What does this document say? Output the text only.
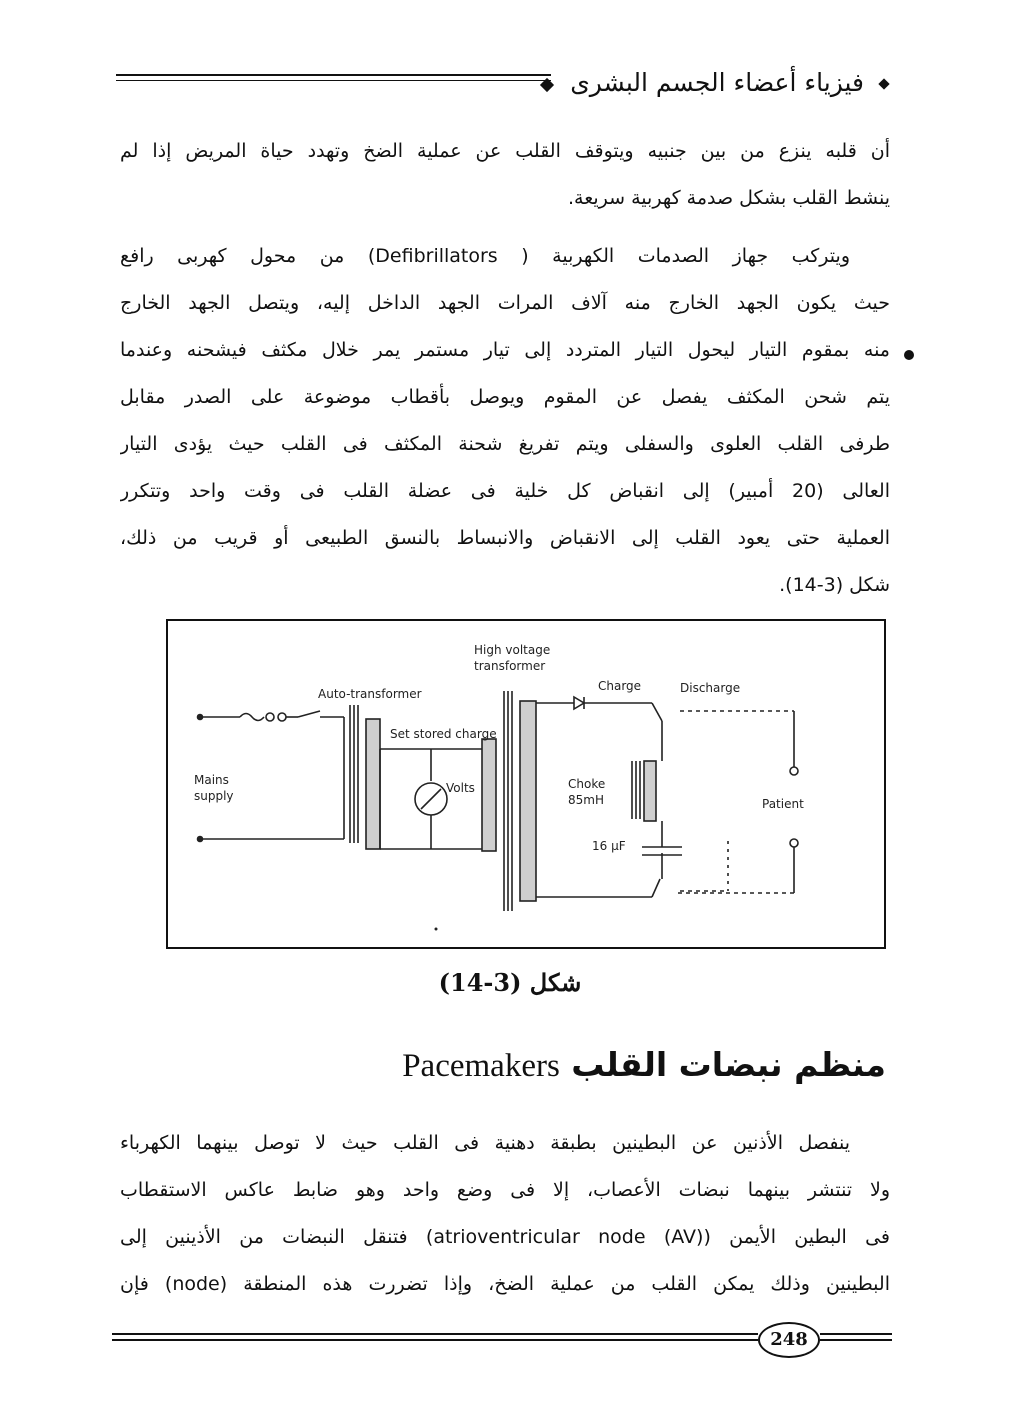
فيزياء أعضاء الجسم البشرى
أن قلبه ينزع من بين جنبيه ويتوقف القلب عن عملية الضخ وتهدد حياة المريض إذا لم
ينشط القلب بشكل صدمة كهربية سريعة.
ويتركب جهاز الصدمات الكهربية ( Defibrillators) من محول كهربى رافع
حيث يكون الجهد الخارج منه آلاف المرات الجهد الداخل إليه، ويتصل الجهد الخارج
منه بمقوم التيار ليحول التيار المتردد إلى تيار مستمر يمر خلال مكثف فيشحنه وعندما
يتم شحن المكثف يفصل عن المقوم ويوصل بأقطاب موضوعة على الصدر مقابل
طرفى القلب العلوى والسفلى ويتم تفريغ شحنة المكثف فى القلب حيث يؤدى التيار
العالى (20 أمبير) إلى انقباض كل خلية فى عضلة القلب فى وقت واحد وتتكرر
العملية حتى يعود القلب إلى الانقباض والانبساط بالنسق الطبيعى أو قريب من ذلك،
شكل (3-14).
High voltage
transformer
Auto-transformer
Charge	Discharge
Set stored charge
Mains
supply
Volts	Choke
85mH	Patient
16 µF
شكل (3-14)
منظم نبضات القلب Pacemakers
ينفصل الأذنين عن البطينين بطبقة دهنية فى القلب حيث لا توصل بينهما الكهرباء
ولا تنتشر بينهما نبضات الأعصاب، إلا فى وضع واحد وهو ضابط عاكس الاستقطاب
فى البطين الأيمن (atrioventricular node (AV)) فتنقل النبضات من الأذينين إلى
البطينين وذلك يمكن القلب من عملية الضخ، وإذا تضررت هذه المنطقة (node) فإن
248
